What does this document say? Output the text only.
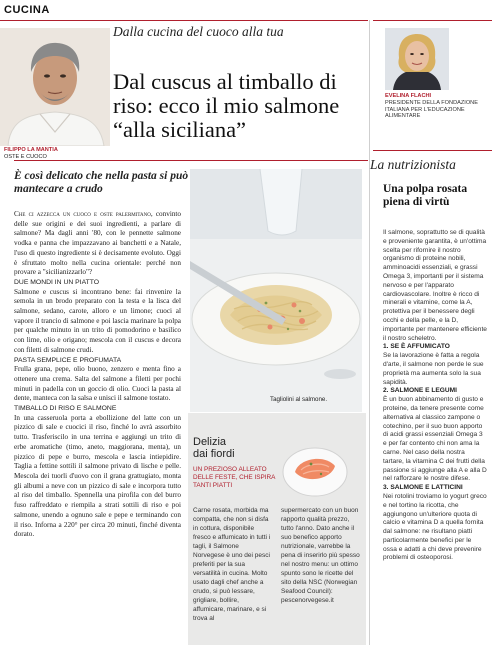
CUCINA
FILIPPO LA MANTIA
OSTE E CUOCO
Dalla cucina del cuoco alla tua
Dal cuscus al timballo di riso: ecco il mio salmone “alla siciliana”
È così delicato che nella pasta si può mantecare a crudo

Che ci azzecca un cuoco e oste palermitano, convinto delle sue origini e dei suoi ingredienti, a parlare di salmone? Ma dagli anni '80, con le pennette salmone vodka e panna che impazzavano ai banchetti e a Natale, l'uso di questo ingrediente si è decisamente evoluto. Oggi è sfruttato molto nella cucina orientale: perché non provare a "sicilianizzarlo"?

DUE MONDI IN UN PIATTO

Salmone e cuscus si incontrano bene: fai rinvenire la semola in un brodo preparato con la testa e la lisca del salmone, sedano, carote, alloro e un limone; cuoci al vapore il trancio di salmone e poi lascia marinare la polpa per qualche minuto in un trito di pomodorino e basilico con lime, olio e origano; mescola con il cuscus e decora con filetti di salmone crudi.

PASTA SEMPLICE E PROFUMATA

Frulla grana, pepe, olio buono, zenzero e menta fino a ottenere una crema. Salta del salmone a filetti per pochi minuti in padella con un goccio di olio. Cuoci la pasta al dente, manteca con la salsa e unisci il salmone tostato.

TIMBALLO DI RISO E SALMONE

In una casseruola porta a ebollizione del latte con un pizzico di sale e cuocici il riso, finché lo avrà assorbito tutto. Trasferiscilo in una terrina e aggiungi un trito di erbe aromatiche (timo, aneto, maggiorana, menta), un pizzico di pepe e burro, mescola e lascia intiepidire. Taglia a fettine sottili il salmone privato di lische e pelle. Mescola dei tuorli d'uovo con il grana grattugiato, monta gli albumi a neve con un pizzico di sale e incorpora tutto al riso del timballo. Spennella una pirofila con del burro fuso raffreddato e riempila a strati sottili di riso e poi salmone, unendo a ognuno sale e pepe e terminando con il riso. Inforna a 220° per circa 20 minuti, finché diventa dorato.

Tagliolini al salmone.
Delizia
dai fiordi
UN PREZIOSO ALLEATO DELLE FESTE, CHE ISPIRA TANTI PIATTI
Carne rosata, morbida ma compatta, che non si disfa in cottura, disponibile fresco e affumicato in tutti i tagli, il Salmone Norvegese è uno dei pesci preferiti per la sua versatilità in cucina. Molto usato dagli chef anche a crudo, si può lessare, grigliare, bollire, affumicare, marinare, e si trova al
supermercato con un buon rapporto qualità prezzo, tutto l'anno. Dato anche il suo benefico apporto nutrizionale, varrebbe la pena di inserirlo più spesso nel nostro menu: un ottimo spunto sono le ricette del sito della NSC (Norwegian Seafood Council): pescenorvegese.it
EVELINA FLACHI
PRESIDENTE DELLA FONDAZIONE ITALIANA PER L'EDUCAZIONE ALIMENTARE
La nutrizionista
Una polpa rosata piena di virtù

Il salmone, soprattutto se di qualità e proveniente garantita, è un'ottima scelta per rifornire il nostro organismo di proteine nobili, amminoacidi essenziali, e grassi Omega 3, importanti per il sistema nervoso e per l'apparato cardiovascolare. Inoltre è ricco di minerali e vitamine, come la A, protettiva per il benessere degli occhi e della pelle, e la D, importante per mantenere efficiente il nostro scheletro.

1. SE È AFFUMICATO

Se la lavorazione è fatta a regola d'arte, il salmone non perde le sue proprietà ma aumenta solo la sua sapidità.

2. SALMONE E LEGUMI

È un buon abbinamento di gusto e proteine, da tenere presente come alternativa al classico zampone o cotechino, per il suo buon apporto di acidi grassi essenziali Omega 3 e per far contento chi non ama la carne. Nel caso della nostra tartare, la vitamina C dei frutti della passione si aggiunge alla A e alla D nel rafforzare le nostre difese.

3. SALMONE E LATTICINI

Nei rotolini troviamo lo yogurt greco e nel tortino la ricotta, che aggiungono un'ulteriore quota di calcio e vitamina D a quella fornita dal salmone: ne risultano piatti particolarmente benefici per le ossa e adatti a chi deve prevenire problemi di osteoporosi.
